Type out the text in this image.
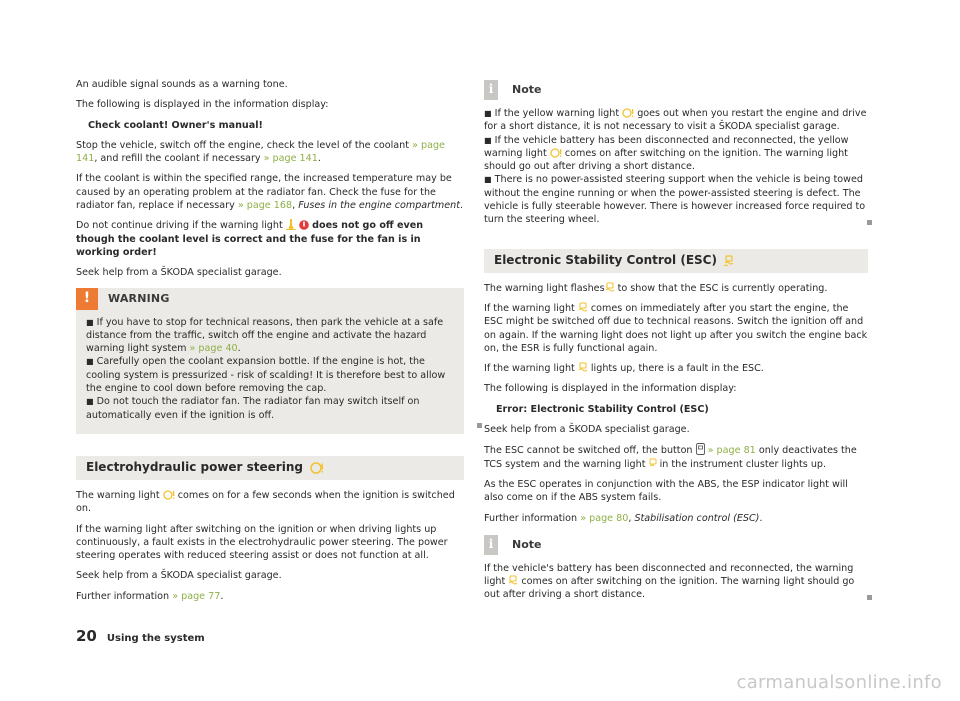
An audible signal sounds as a warning tone.

The following is displayed in the information display:

Check coolant! Owner's manual!

Stop the vehicle, switch off the engine, check the level of the coolant » page 141, and refill the coolant if necessary » page 141.

If the coolant is within the specified range, the increased temperature may be caused by an operating problem at the radiator fan. Check the fuse for the radiator fan, replace if necessary » page 168, Fuses in the engine compartment.

Do not continue driving if the warning light   does not go off even though the coolant level is correct and the fuse for the fan is in working order!

Seek help from a ŠKODA specialist garage.

! WARNING
■ If you have to stop for technical reasons, then park the vehicle at a safe distance from the traffic, switch off the engine and activate the hazard warning light system » page 40.
■ Carefully open the coolant expansion bottle. If the engine is hot, the cooling system is pressurized - risk of scalding! It is therefore best to allow the engine to cool down before removing the cap.
■ Do not touch the radiator fan. The radiator fan may switch itself on automatically even if the ignition is off.
Electrohydraulic power steering

The warning light  comes on for a few seconds when the ignition is switched on.

If the warning light after switching on the ignition or when driving lights up continuously, a fault exists in the electrohydraulic power steering. The power steering operates with reduced steering assist or does not function at all.

Seek help from a ŠKODA specialist garage.

Further information » page 77.

i Note
■ If the yellow warning light  goes out when you restart the engine and drive for a short distance, it is not necessary to visit a ŠKODA specialist garage.
■ If the vehicle battery has been disconnected and reconnected, the yellow warning light  comes on after switching on the ignition. The warning light should go out after driving a short distance.
■ There is no power-assisted steering support when the vehicle is being towed without the engine running or when the power-assisted steering is defect. The vehicle is fully steerable however. There is however increased force required to turn the steering wheel.
Electronic Stability Control (ESC)

The warning light flashes to show that the ESC is currently operating.

If the warning light  comes on immediately after you start the engine, the ESC might be switched off due to technical reasons. Switch the ignition off and on again. If the warning light does not light up after you switch the engine back on, the ESR is fully functional again.

If the warning light  lights up, there is a fault in the ESC.

The following is displayed in the information display:

Error: Electronic Stability Control (ESC)

Seek help from a ŠKODA specialist garage.

The ESC cannot be switched off, the button  » page 81 only deactivates the TCS system and the warning light  in the instrument cluster lights up.

As the ESC operates in conjunction with the ABS, the ESP indicator light will also come on if the ABS system fails.

Further information » page 80, Stabilisation control (ESC).

i Note
If the vehicle's battery has been disconnected and reconnected, the warning light  comes on after switching on the ignition. The warning light should go out after driving a short distance.
20 Using the system
carmanualsonline.info
